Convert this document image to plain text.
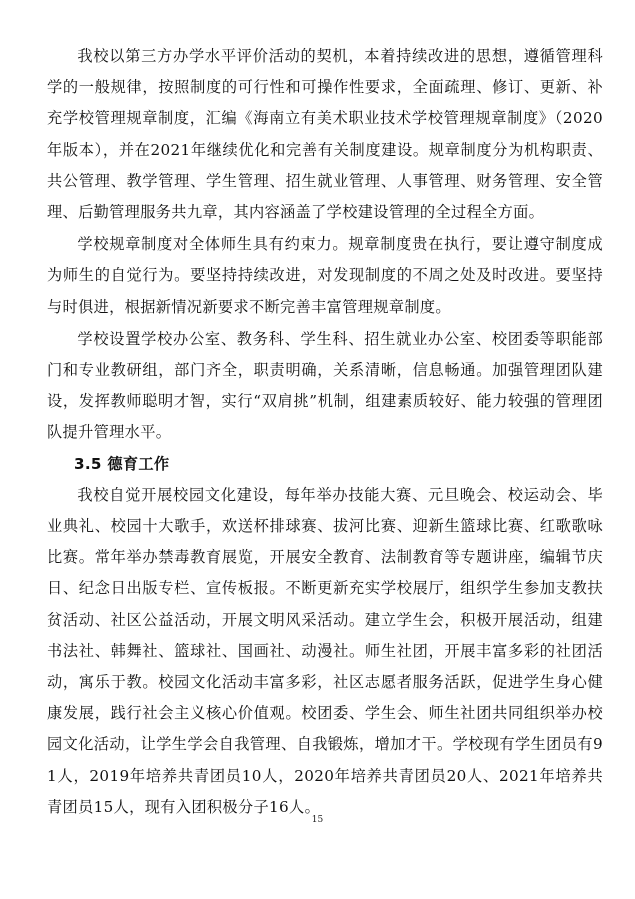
我校以第三方办学水平评价活动的契机，本着持续改进的思想，遵循管理科学的一般规律，按照制度的可行性和可操作性要求，全面疏理、修订、更新、补充学校管理规章制度，汇编《海南立有美术职业技术学校管理规章制度》（2020年版本），并在2021年继续优化和完善有关制度建设。规章制度分为机构职责、共公管理、教学管理、学生管理、招生就业管理、人事管理、财务管理、安全管理、后勤管理服务共九章，其内容涵盖了学校建设管理的全过程全方面。

学校规章制度对全体师生具有约束力。规章制度贵在执行，要让遵守制度成为师生的自觉行为。要坚持持续改进，对发现制度的不周之处及时改进。要坚持与时俱进，根据新情况新要求不断完善丰富管理规章制度。

学校设置学校办公室、教务科、学生科、招生就业办公室、校团委等职能部门和专业教研组，部门齐全，职责明确，关系清晰，信息畅通。加强管理团队建设，发挥教师聪明才智，实行“双肩挑”机制，组建素质较好、能力较强的管理团队提升管理水平。

3.5 德育工作

我校自觉开展校园文化建设，每年举办技能大赛、元旦晚会、校运动会、毕业典礼、校园十大歌手，欢送杯排球赛、拔河比赛、迎新生篮球比赛、红歌歌咏比赛。常年举办禁毒教育展览，开展安全教育、法制教育等专题讲座，编辑节庆日、纪念日出版专栏、宣传板报。不断更新充实学校展厅，组织学生参加支教扶贫活动、社区公益活动，开展文明风采活动。建立学生会，积极开展活动，组建书法社、韩舞社、篮球社、国画社、动漫社。师生社团，开展丰富多彩的社团活动，寓乐于教。校园文化活动丰富多彩，社区志愿者服务活跃，促进学生身心健康发展，践行社会主义核心价值观。校团委、学生会、师生社团共同组织举办校园文化活动，让学生学会自我管理、自我锻炼，增加才干。学校现有学生团员有91人，2019年培养共青团员10人，2020年培养共青团员20人、2021年培养共青团员15人，现有入团积极分子16人。

15
